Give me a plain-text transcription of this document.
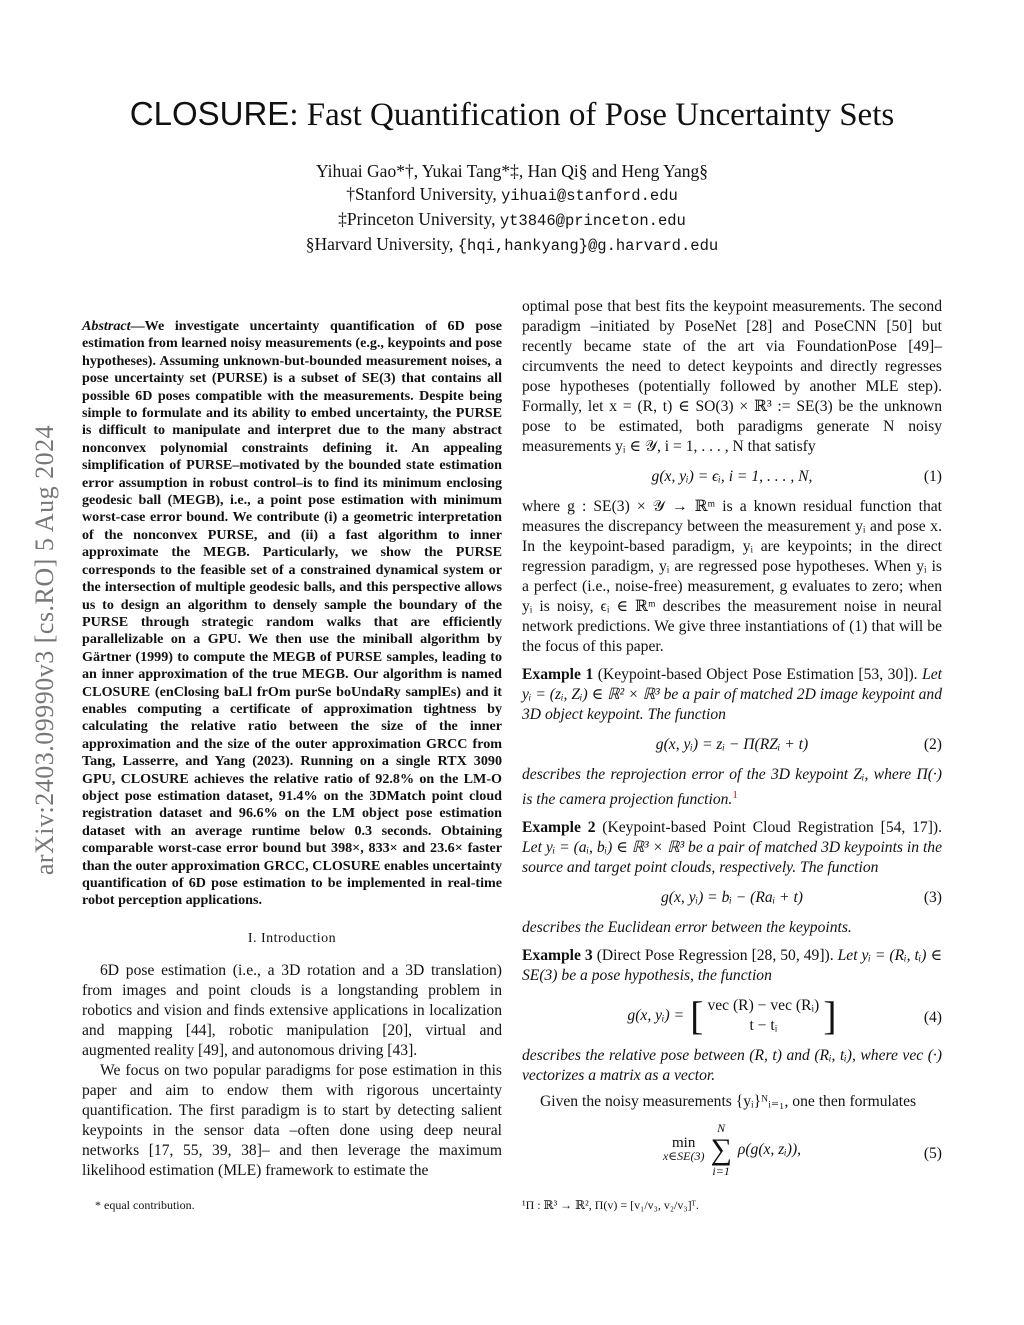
arXiv:2403.09990v3 [cs.RO] 5 Aug 2024
CLOSURE: Fast Quantification of Pose Uncertainty Sets
Yihuai Gao*†, Yukai Tang*‡, Han Qi§ and Heng Yang§
†Stanford University, yihuai@stanford.edu
‡Princeton University, yt3846@princeton.edu
§Harvard University, {hqi,hankyang}@g.harvard.edu

Abstract—We investigate uncertainty quantification of 6D pose estimation from learned noisy measurements (e.g., keypoints and pose hypotheses). Assuming unknown-but-bounded measurement noises, a pose uncertainty set (PURSE) is a subset of SE(3) that contains all possible 6D poses compatible with the measurements. Despite being simple to formulate and its ability to embed uncertainty, the PURSE is difficult to manipulate and interpret due to the many abstract nonconvex polynomial constraints defining it. An appealing simplification of PURSE–motivated by the bounded state estimation error assumption in robust control–is to find its minimum enclosing geodesic ball (MEGB), i.e., a point pose estimation with minimum worst-case error bound. We contribute (i) a geometric interpretation of the nonconvex PURSE, and (ii) a fast algorithm to inner approximate the MEGB. Particularly, we show the PURSE corresponds to the feasible set of a constrained dynamical system or the intersection of multiple geodesic balls, and this perspective allows us to design an algorithm to densely sample the boundary of the PURSE through strategic random walks that are efficiently parallelizable on a GPU. We then use the miniball algorithm by Gärtner (1999) to compute the MEGB of PURSE samples, leading to an inner approximation of the true MEGB. Our algorithm is named CLOSURE (enClosing baLl frOm purSe boUndaRy samplEs) and it enables computing a certificate of approximation tightness by calculating the relative ratio between the size of the inner approximation and the size of the outer approximation GRCC from Tang, Lasserre, and Yang (2023). Running on a single RTX 3090 GPU, CLOSURE achieves the relative ratio of 92.8% on the LM-O object pose estimation dataset, 91.4% on the 3DMatch point cloud registration dataset and 96.6% on the LM object pose estimation dataset with an average runtime below 0.3 seconds. Obtaining comparable worst-case error bound but 398×, 833× and 23.6× faster than the outer approximation GRCC, CLOSURE enables uncertainty quantification of 6D pose estimation to be implemented in real-time robot perception applications.

I. Introduction

6D pose estimation (i.e., a 3D rotation and a 3D translation) from images and point clouds is a longstanding problem in robotics and vision and finds extensive applications in localization and mapping [44], robotic manipulation [20], virtual and augmented reality [49], and autonomous driving [43].

We focus on two popular paradigms for pose estimation in this paper and aim to endow them with rigorous uncertainty quantification. The first paradigm is to start by detecting salient keypoints in the sensor data –often done using deep neural networks [17, 55, 39, 38]– and then leverage the maximum likelihood estimation (MLE) framework to estimate the

optimal pose that best fits the keypoint measurements. The second paradigm –initiated by PoseNet [28] and PoseCNN [50] but recently became state of the art via FoundationPose [49]– circumvents the need to detect keypoints and directly regresses pose hypotheses (potentially followed by another MLE step). Formally, let x = (R, t) ∈ SO(3) × ℝ³ := SE(3) be the unknown pose to be estimated, both paradigms generate N noisy measurements yᵢ ∈ 𝒴, i = 1, . . . , N that satisfy

g(x, yᵢ) = ϵᵢ, i = 1, . . . , N,	(1)

where g : SE(3) × 𝒴 → ℝᵐ is a known residual function that measures the discrepancy between the measurement yᵢ and pose x. In the keypoint-based paradigm, yᵢ are keypoints; in the direct regression paradigm, yᵢ are regressed pose hypotheses. When yᵢ is a perfect (i.e., noise-free) measurement, g evaluates to zero; when yᵢ is noisy, ϵᵢ ∈ ℝᵐ describes the measurement noise in neural network predictions. We give three instantiations of (1) that will be the focus of this paper.

Example 1 (Keypoint-based Object Pose Estimation [53, 30]). Let yᵢ = (zᵢ, Zᵢ) ∈ ℝ² × ℝ³ be a pair of matched 2D image keypoint and 3D object keypoint. The function

g(x, yᵢ) = zᵢ − Π(RZᵢ + t)	(2)

describes the reprojection error of the 3D keypoint Zᵢ, where Π(·) is the camera projection function.$^1$

Example 2 (Keypoint-based Point Cloud Registration [54, 17]). Let yᵢ = (aᵢ, bᵢ) ∈ ℝ³ × ℝ³ be a pair of matched 3D keypoints in the source and target point clouds, respectively. The function

g(x, yᵢ) = bᵢ − (Raᵢ + t)	(3)

describes the Euclidean error between the keypoints.

Example 3 (Direct Pose Regression [28, 50, 49]). Let yᵢ = (Rᵢ, tᵢ) ∈ SE(3) be a pose hypothesis, the function

g(x, yᵢ) = [ vec (R) − vec (Rᵢ)
t − tᵢ ]	(4)

describes the relative pose between (R, t) and (Rᵢ, tᵢ), where vec (·) vectorizes a matrix as a vector.

Given the noisy measurements {yᵢ}ᴺᵢ₌₁, one then formulates

min
x∈SE(3)
N
∑
i=1
ρ(g(x, zᵢ)),	(5)
* equal contribution.	¹Π : ℝ³ → ℝ², Π(v) = [v₁/v₃, v₂/v₃]ᵀ.
